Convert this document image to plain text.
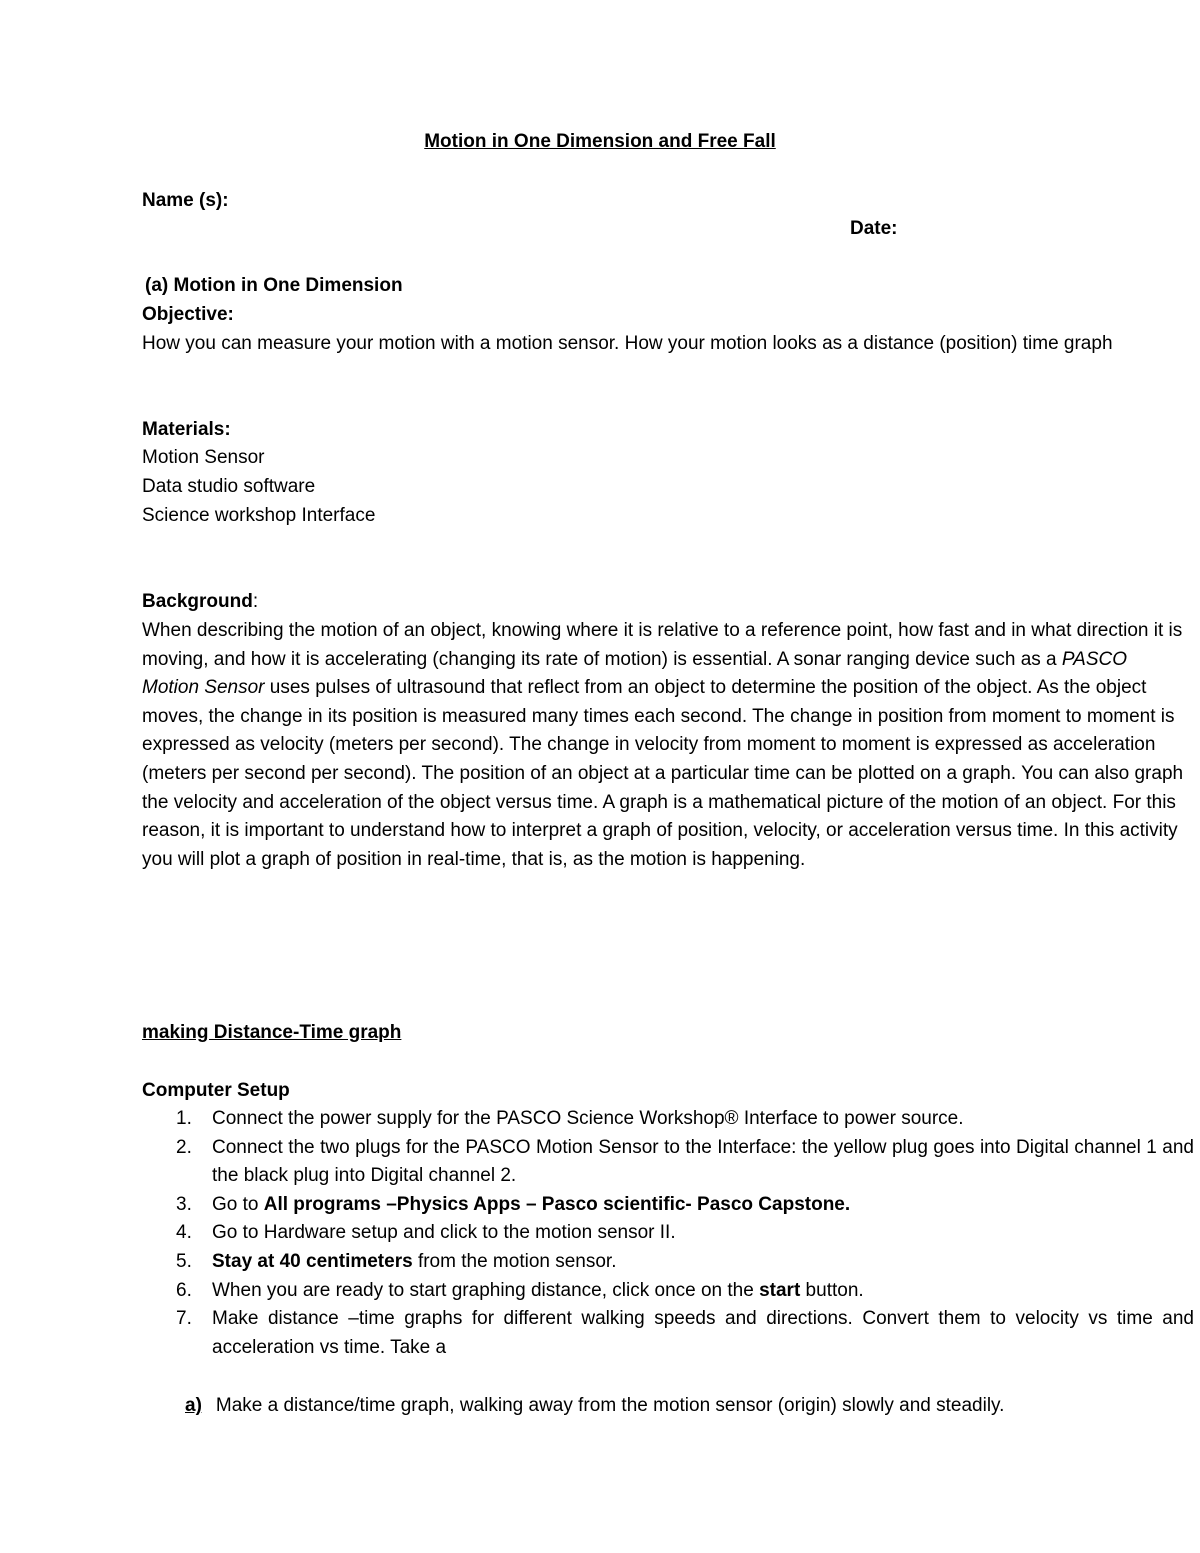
Motion in One Dimension and Free Fall
Name (s):
Date:
(a) Motion in One Dimension
Objective:
How you can measure your motion with a motion sensor. How your motion looks as a distance (position) time graph
Materials:
Motion Sensor
Data studio software
Science workshop Interface
Background:
When describing the motion of an object, knowing where it is relative to a reference point, how fast and in what direction it is moving, and how it is accelerating (changing its rate of motion) is essential. A sonar ranging device such as a PASCO Motion Sensor uses pulses of ultrasound that reflect from an object to determine the position of the object. As the object moves, the change in its position is measured many times each second. The change in position from moment to moment is expressed as velocity (meters per second). The change in velocity from moment to moment is expressed as acceleration (meters per second per second). The position of an object at a particular time can be plotted on a graph. You can also graph the velocity and acceleration of the object versus time. A graph is a mathematical picture of the motion of an object. For this reason, it is important to understand how to interpret a graph of position, velocity, or acceleration versus time. In this activity you will plot a graph of position in real-time, that is, as the motion is happening.
making Distance-Time graph
Computer Setup
1. Connect the power supply for the PASCO Science Workshop® Interface to power source.
2. Connect the two plugs for the PASCO Motion Sensor to the Interface: the yellow plug goes into Digital channel 1 and the black plug into Digital channel 2.
3. Go to All programs –Physics Apps – Pasco scientific- Pasco Capstone.
4. Go to Hardware setup and click to the motion sensor II.
5. Stay at 40 centimeters from the motion sensor.
6. When you are ready to start graphing distance, click once on the start button.
7. Make distance –time graphs for different walking speeds and directions. Convert them to velocity vs time and acceleration vs time. Take a
a) Make a distance/time graph, walking away from the motion sensor (origin) slowly and steadily.
